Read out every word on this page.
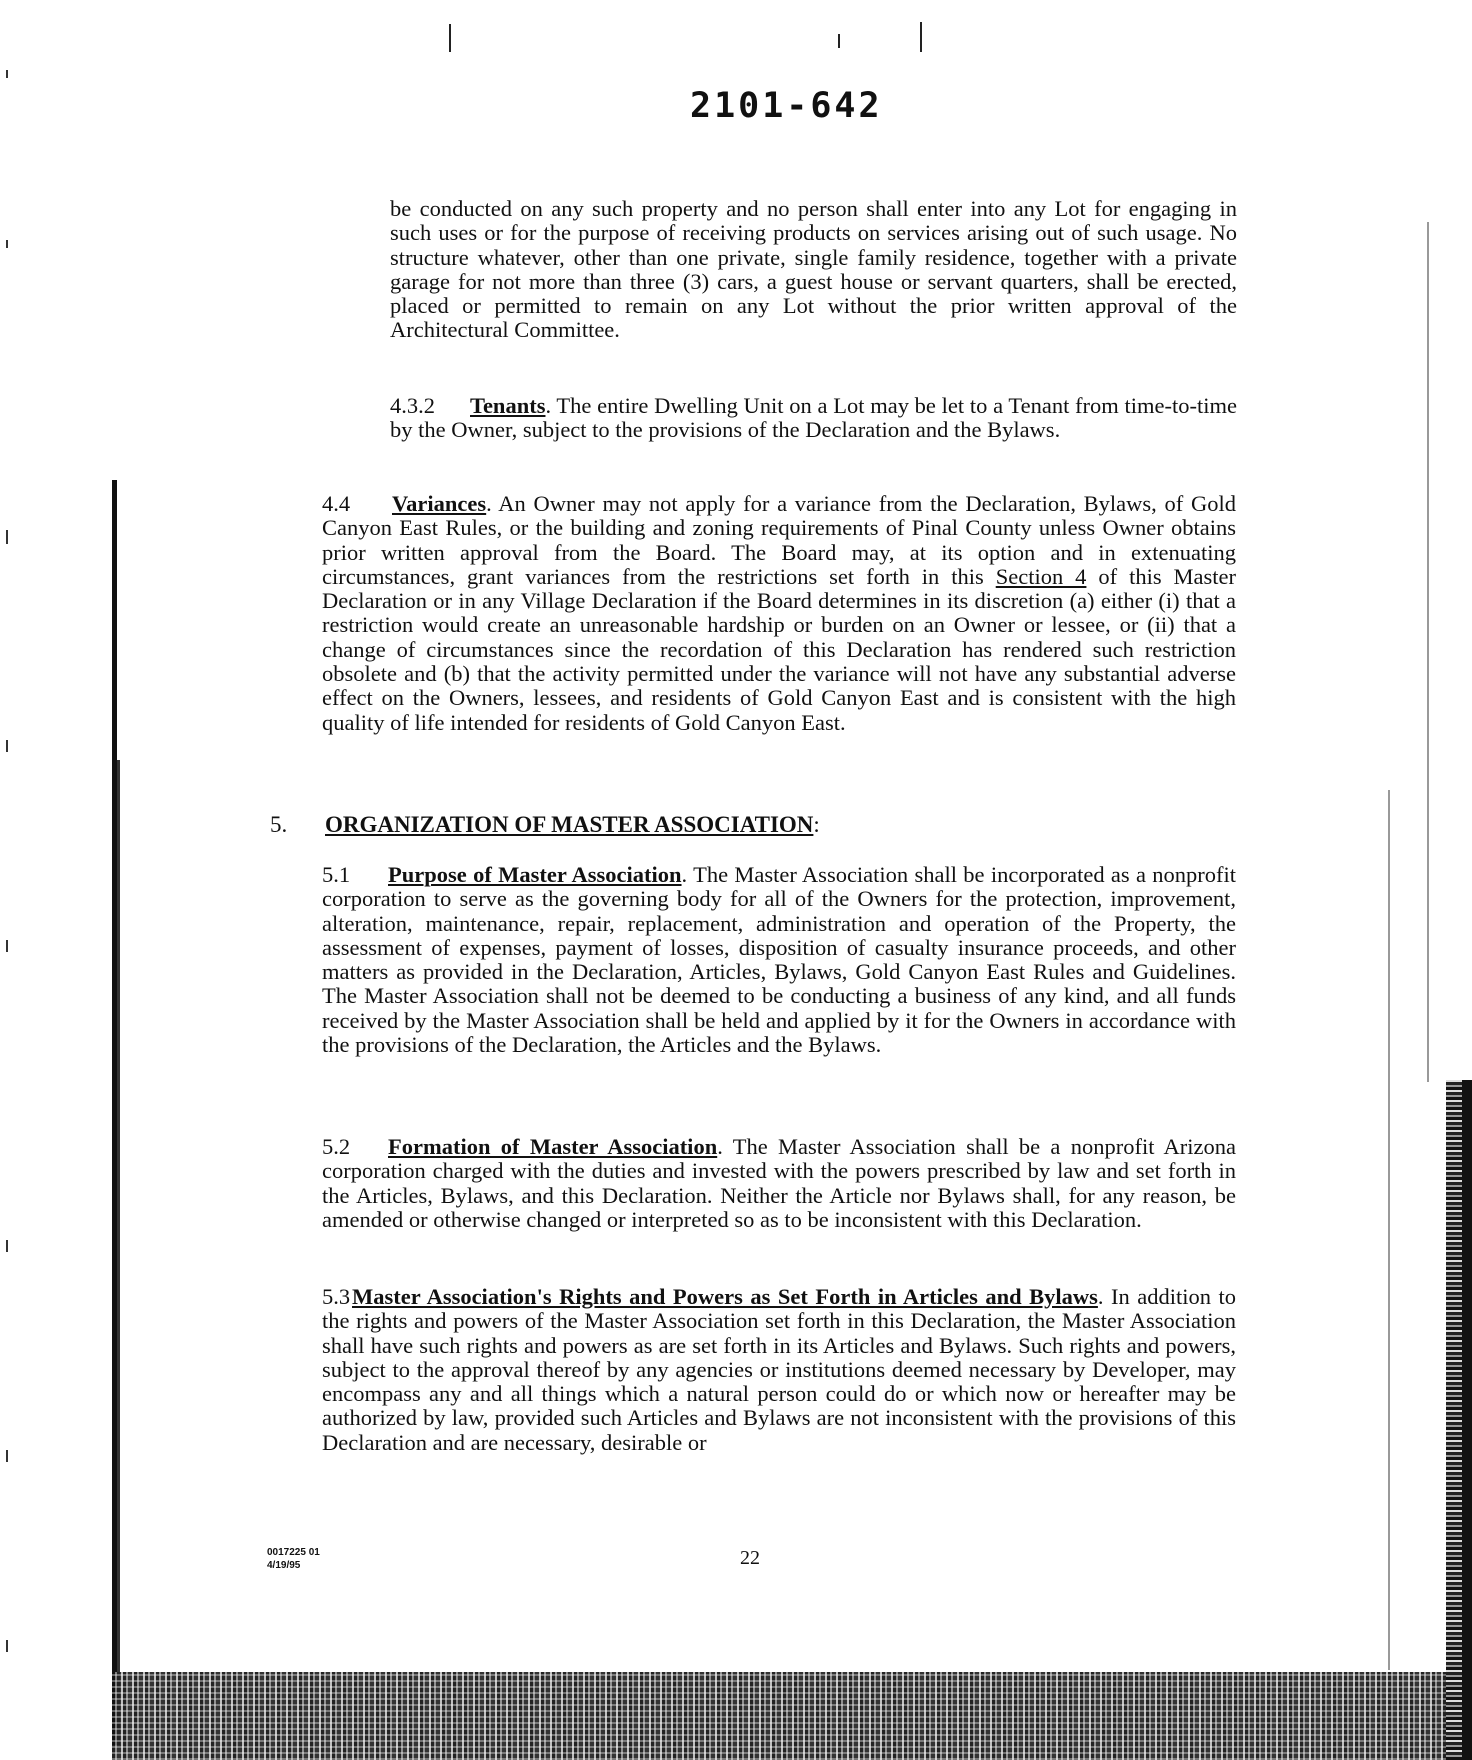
2101-642

be conducted on any such property and no person shall enter into any Lot for engaging in such uses or for the purpose of receiving products on services arising out of such usage. No structure whatever, other than one private, single family residence, together with a private garage for not more than three (3) cars, a guest house or servant quarters, shall be erected, placed or permitted to remain on any Lot without the prior written approval of the Architectural Committee.

4.3.2 Tenants. The entire Dwelling Unit on a Lot may be let to a Tenant from time-to-time by the Owner, subject to the provisions of the Declaration and the Bylaws.

4.4 Variances. An Owner may not apply for a variance from the Declaration, Bylaws, of Gold Canyon East Rules, or the building and zoning requirements of Pinal County unless Owner obtains prior written approval from the Board. The Board may, at its option and in extenuating circumstances, grant variances from the restrictions set forth in this Section 4 of this Master Declaration or in any Village Declaration if the Board determines in its discretion (a) either (i) that a restriction would create an unreasonable hardship or burden on an Owner or lessee, or (ii) that a change of circumstances since the recordation of this Declaration has rendered such restriction obsolete and (b) that the activity permitted under the variance will not have any substantial adverse effect on the Owners, lessees, and residents of Gold Canyon East and is consistent with the high quality of life intended for residents of Gold Canyon East.

5. ORGANIZATION OF MASTER ASSOCIATION:

5.1 Purpose of Master Association. The Master Association shall be incorporated as a nonprofit corporation to serve as the governing body for all of the Owners for the protection, improvement, alteration, maintenance, repair, replacement, administration and operation of the Property, the assessment of expenses, payment of losses, disposition of casualty insurance proceeds, and other matters as provided in the Declaration, Articles, Bylaws, Gold Canyon East Rules and Guidelines. The Master Association shall not be deemed to be conducting a business of any kind, and all funds received by the Master Association shall be held and applied by it for the Owners in accordance with the provisions of the Declaration, the Articles and the Bylaws.

5.2 Formation of Master Association. The Master Association shall be a nonprofit Arizona corporation charged with the duties and invested with the powers prescribed by law and set forth in the Articles, Bylaws, and this Declaration. Neither the Article nor Bylaws shall, for any reason, be amended or otherwise changed or interpreted so as to be inconsistent with this Declaration.

5.3Master Association's Rights and Powers as Set Forth in Articles and Bylaws. In addition to the rights and powers of the Master Association set forth in this Declaration, the Master Association shall have such rights and powers as are set forth in its Articles and Bylaws. Such rights and powers, subject to the approval thereof by any agencies or institutions deemed necessary by Developer, may encompass any and all things which a natural person could do or which now or hereafter may be authorized by law, provided such Articles and Bylaws are not inconsistent with the provisions of this Declaration and are necessary, desirable or

0017225 01
4/19/95	22
